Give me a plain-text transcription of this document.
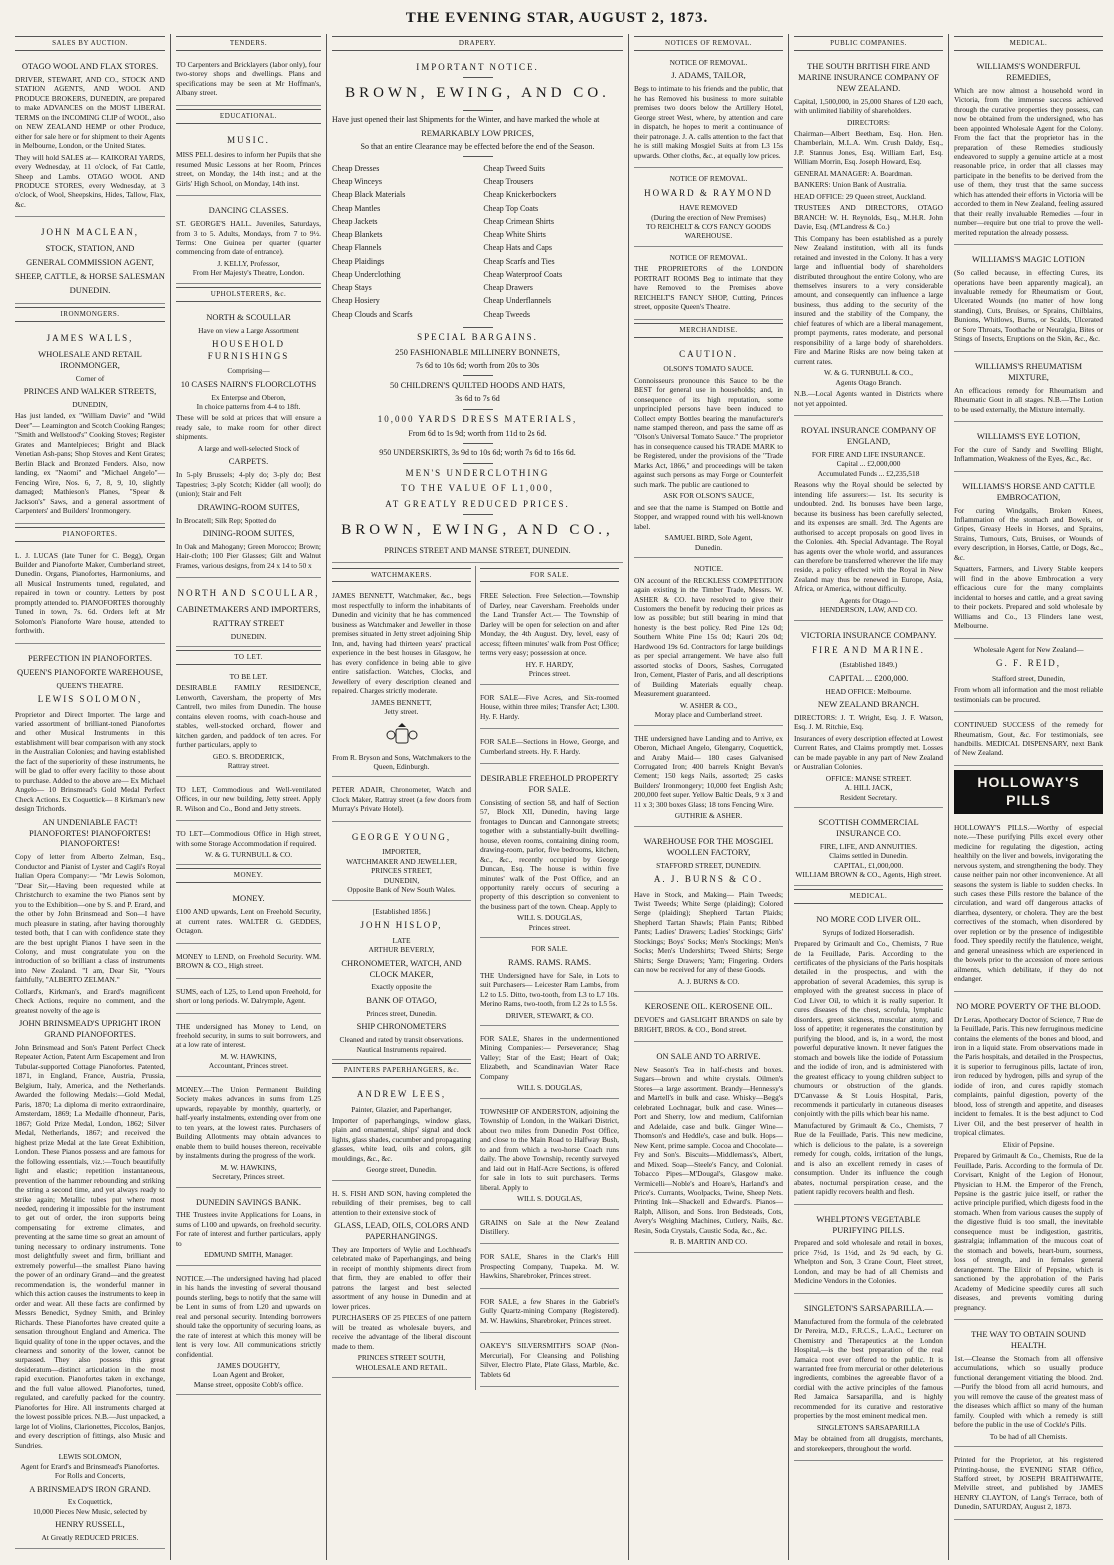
THE EVENING STAR, AUGUST 2, 1873.
SALES BY AUCTION.
OTAGO WOOL AND FLAX STORES.

DRIVER, STEWART, AND CO., STOCK AND STATION AGENTS, AND WOOL AND PRODUCE BROKERS, DUNEDIN, are prepared to make ADVANCES on the MOST LIBERAL TERMS on the INCOMING CLIP of WOOL, also on NEW ZEALAND HEMP or other Produce, either for sale here or for shipment to their Agents in Melbourne, London, or the United States.

They will hold SALES at— KAIKORAI YARDS, every Wednesday, at 11 o'clock, of Fat Cattle, Sheep and Lambs. OTAGO WOOL AND PRODUCE STORES, every Wednesday, at 3 o'clock, of Wool, Sheepskins, Hides, Tallow, Flax, &c.

JOHN MACLEAN,
STOCK, STATION, AND
GENERAL COMMISSION AGENT,
SHEEP, CATTLE, & HORSE SALESMAN
DUNEDIN.
IRONMONGERS.
JAMES WALLS,
WHOLESALE AND RETAIL IRONMONGER,
Corner of
PRINCES AND WALKER STREETS,
DUNEDIN,

Has just landed, ex "William Davie" and "Wild Deer"— Leamington and Scotch Cooking Ranges; "Smith and Wellstood's" Cooking Stoves; Register Grates and Mantelpieces; Bright and Black Venetian Ash-pans; Shop Stoves and Kent Grates; Berlin Black and Bronzed Fenders. Also, now landing, ex "Naomi" and "Michael Angelo"— Fencing Wire, Nos. 6, 7, 8, 9, 10, slightly damaged; Mathieson's Planes, "Spear & Jackson's" Saws, and a general assortment of Carpenters' and Builders' Ironmongery.

PIANOFORTES.

L. J. LUCAS (late Tuner for C. Begg), Organ Builder and Pianoforte Maker, Cumberland street, Dunedin. Organs, Pianofortes, Harmoniums, and all Musical Instruments tuned, regulated, and repaired in town or country. Letters by post promptly attended to. PIANOFORTES thoroughly Tuned in town, 7s. 6d. Orders left at Mr Solomon's Pianoforte Ware house, attended to forthwith.

PERFECTION IN PIANOFORTES.
QUEEN'S PIANOFORTE WAREHOUSE,
QUEEN'S THEATRE.
LEWIS SOLOMON,

Proprietor and Direct Importer. The large and varied assortment of brilliant-toned Pianofortes and other Musical Instruments in this establishment will bear comparison with any stock in the Australian Colonies; and having established the fact of the superiority of these instruments, he will be glad to offer every facility to those about to purchase. Added to the above are— Ex Michael Angelo— 10 Brinsmead's Gold Medal Perfect Check Actions. Ex Coquettick— 8 Kirkman's new design Trichords.

AN UNDENIABLE FACT! PIANOFORTES! PIANOFORTES! PIANOFORTES!

Copy of letter from Alberto Zelman, Esq., Conductor and Pianist of Lyster and Cagli's Royal Italian Opera Company:— "Mr Lewis Solomon, "Dear Sir,—Having been requested while at Christchurch to examine the two Pianos sent by you to the Exhibition—one by S. and P. Erard, and the other by John Brinsmead and Son—I have much pleasure in stating, after having thoroughly tested both, that I can with confidence state they are the best upright Pianos I have seen in the Colony, and must congratulate you on the introduction of so brilliant a class of instruments into New Zealand. "I am, Dear Sir, "Yours faithfully, "ALBERTO ZELMAN."

Collard's, Kirkman's, and Erard's magnificent Check Actions, require no comment, and the greatest novelty of the age is

JOHN BRINSMEAD'S UPRIGHT IRON GRAND PIANOFORTES.

John Brinsmead and Son's Patent Perfect Check Repeater Action, Patent Arm Escapement and Iron Tubular-supported Cottage Pianofortes. Patented, 1871, in England, France, Austria, Prussia, Belgium, Italy, America, and the Netherlands. Awarded the following Medals:—Gold Medal, Paris, 1870; La diploma di merito extraordinaire, Amsterdam, 1869; La Medaille d'honneur, Paris, 1867; Gold Prize Medal, London, 1862; Silver Medal, Netherlands, 1867; and received the highest prize Medal at the late Great Exhibition, London. These Pianos possess and are famous for the following essentials, viz.:—Touch beautifully light and elastic; repetition instantaneous, prevention of the hammer rebounding and striking the string a second time, and yet always ready to strike again; Metallic tubes put where most needed, rendering it impossible for the instrument to get out of order, the iron supports being compensating for extreme climates, and preventing at the same time so great an amount of tuning necessary to ordinary instruments. Tone most delightfully sweet and firm, brilliant and extremely powerful—the smallest Piano having the power of an ordinary Grand—and the greatest recommendation is, the wonderful manner in which this action causes the instruments to keep in order and wear. All these facts are confirmed by Messrs Benedict, Sydney Smith, and Brinley Richards. These Pianofortes have created quite a sensation throughout England and America. The liquid quality of tone in the upper octaves, and the clearness and sonority of the lower, cannot be surpassed. They also possess this great desideratum—distinct articulation in the most rapid execution. Pianofortes taken in exchange, and the full value allowed. Pianofortes, tuned, regulated, and carefully packed for the country. Pianofortes for Hire. All instruments charged at the lowest possible prices. N.B.—Just unpacked, a large lot of Violins, Clarionettes, Piccolos, Banjos, and every description of fittings, also Music and Sundries.

LEWIS SOLOMON,
Agent for Erard's and Brinsmead's Pianofortes.
For Rolls and Concerts,
A BRINSMEAD'S IRON GRAND.
Ex Coquettick,
10,000 Pieces New Music, selected by
HENRY RUSSELL,
At Greatly REDUCED PRICES.
TENDERS.

TO Carpenters and Bricklayers (labor only), four two-storey shops and dwellings. Plans and specifications may be seen at Mr Hoffman's, Albany street.

EDUCATIONAL.
MUSIC.

MISS PELL desires to inform her Pupils that she resumed Music Lessons at her Room, Princes street, on Monday, the 14th inst.; and at the Girls' High School, on Monday, 14th inst.

DANCING CLASSES.

ST. GEORGE'S HALL. Juveniles, Saturdays, from 3 to 5. Adults, Mondays, from 7 to 9½. Terms: One Guinea per quarter (quarter commencing from date of entrance).

J. KELLY, Professor,
From Her Majesty's Theatre, London.
UPHOLSTERERS, &c.
NORTH & SCOULLAR
Have on view a Large Assortment
HOUSEHOLD FURNISHINGS
Comprising—
10 CASES NAIRN'S FLOORCLOTHS
Ex Enterpse and Oberon,
In choice patterns from 4-4 to 18ft.

These will be sold at prices that will ensure a ready sale, to make room for other direct shipments.

A large and well-selected Stock of
CARPETS.

In 5-ply Brussels; 4-ply do; 3-ply do; Best Tapestries; 3-ply Scotch; Kidder (all wool); do (union); Stair and Felt

DRAWING-ROOM SUITES,

In Brocatell; Silk Rep; Spotted do

DINING-ROOM SUITES,

In Oak and Mahogany; Green Morocco; Brown; Hair-cloth; 100 Pier Glasses; Gilt and Walnut Frames, various designs, from 24 x 14 to 50 x

NORTH AND SCOULLAR,
CABINETMAKERS AND IMPORTERS,
RATTRAY STREET
DUNEDIN.
TO LET.
TO BE LET.

DESIRABLE FAMILY RESIDENCE, Lenworth, Caversham, the property of Mrs Cantrell, two miles from Dunedin. The house contains eleven rooms, with coach-house and stables, well-stocked orchard, flower and kitchen garden, and paddock of ten acres. For further particulars, apply to

GEO. S. BRODERICK,
Rattray street.

TO LET, Commodious and Well-ventilated Offices, in our new building, Jetty street. Apply R. Wilson and Co., Bond and Jetty streets.

TO LET—Commodious Office in High street, with some Storage Accommodation if required.

W. & G. TURNBULL & CO.
MONEY.
MONEY.

£100 AND upwards, Lent on Freehold Security, at current rates. WALTER G. GEDDES, Octagon.

MONEY to LEND, on Freehold Security. WM. BROWN & CO., High street.

SUMS, each of L25, to Lend upon Freehold, for short or long periods. W. Dalrymple, Agent.

THE undersigned has Money to Lend, on freehold security, in sums to suit borrowers, and at a low rate of interest.

M. W. HAWKINS,
Accountant, Princes street.

MONEY.—The Union Permanent Building Society makes advances in sums from L25 upwards, repayable by monthly, quarterly, or half-yearly instalments, extending over from one to ten years, at the lowest rates. Purchasers of Building Allotments may obtain advances to enable them to build houses thereon, receivable by instalments during the progress of the work.

M. W. HAWKINS,
Secretary, Princes street.
DUNEDIN SAVINGS BANK.

THE Trustees invite Applications for Loans, in sums of L100 and upwards, on freehold security. For rate of interest and further particulars, apply to

EDMUND SMITH, Manager.

NOTICE.—The undersigned having had placed in his hands the investing of several thousand pounds sterling, begs to notify that the same will be Lent in sums of from L20 and upwards on real and personal security. Intending borrowers should take the opportunity of securing loans, as the rate of interest at which this money will be lent is very low. All communications strictly confidential.

JAMES DOUGHTY,
Loan Agent and Broker,
Manse street, opposite Cobb's office.
DRAPERY.
IMPORTANT NOTICE.
BROWN, EWING, AND CO.

Have just opened their last Shipments for the Winter, and have marked the whole at

REMARKABLY LOW PRICES,
So that an entire Clearance may be effected before the end of the Season.
Cheap Dresses
Cheap Winceys
Cheap Black Materials
Cheap Mantles
Cheap Jackets
Cheap Blankets
Cheap Flannels
Cheap Plaidings
Cheap Underclothing
Cheap Stays
Cheap Hosiery
Cheap Clouds and Scarfs
Cheap Tweed Suits
Cheap Trousers
Cheap Knickerbockers
Cheap Top Coats
Cheap Crimean Shirts
Cheap White Shirts
Cheap Hats and Caps
Cheap Scarfs and Ties
Cheap Waterproof Coats
Cheap Drawers
Cheap Underflannels
Cheap Tweeds
SPECIAL BARGAINS.
250 FASHIONABLE MILLINERY BONNETS,
7s 6d to 10s 6d; worth from 20s to 30s
50 CHILDREN'S QUILTED HOODS AND HATS,
3s 6d to 7s 6d
10,000 YARDS DRESS MATERIALS,
From 6d to 1s 9d; worth from 11d to 2s 6d.
950 UNDERSKIRTS, 3s 9d to 10s 6d; worth 7s 6d to 16s 6d.
MEN'S UNDERCLOTHING
TO THE VALUE OF L1,000,
AT GREATLY REDUCED PRICES.
BROWN, EWING, AND CO.,
PRINCES STREET AND MANSE STREET, DUNEDIN.
WATCHMAKERS.

JAMES BENNETT, Watchmaker, &c., begs most respectfully to inform the inhabitants of Dunedin and vicinity that he has commenced business as Watchmaker and Jeweller in those premises situated in Jetty street adjoining Ship Inn, and, having had thirteen years' practical experience in the best houses in Glasgow, he has every confidence in being able to give entire satisfaction. Watches, Clocks, and Jewellery of every description cleaned and repaired. Charges strictly moderate.

JAMES BENNETT,
Jetty street.
From R. Bryson and Sons, Watchmakers to the Queen, Edinburgh.

PETER ADAIR, Chronometer, Watch and Clock Maker, Rattray street (a few doors from Murray's Private Hotel).

GEORGE YOUNG,
IMPORTER,
WATCHMAKER AND JEWELLER,
PRINCES STREET,
DUNEDIN,
Opposite Bank of New South Wales.
[Established 1856.]
JOHN HISLOP,
LATE
ARTHUR BEVERLY,
CHRONOMETER, WATCH, AND CLOCK MAKER,
Exactly opposite the
BANK OF OTAGO,
Princes street, Dunedin.
SHIP CHRONOMETERS
Cleaned and rated by transit observations. Nautical Instruments repaired.
PAINTERS PAPERHANGERS, &c.
ANDREW LEES,
Painter, Glazier, and Paperhanger,

Importer of paperhangings, window glass, plain and ornamental, ships' signal and dock lights, glass shades, cucumber and propagating glasses, white lead, oils and colors, gilt mouldings, &c., &c.

George street, Dunedin.

H. S. FISH AND SON, having completed the rebuilding of their premises, beg to call attention to their extensive stock of

GLASS, LEAD, OILS, COLORS AND PAPERHANGINGS.

They are Importers of Wylie and Lochhead's celebrated make of Paperhangings, and being in receipt of monthly shipments direct from that firm, they are enabled to offer their patrons the largest and best selected assortment of any house in Dunedin and at lower prices.

PURCHASERS OF 25 PIECES of one pattern will be treated as wholesale buyers, and receive the advantage of the liberal discount made to them.

PRINCES STREET SOUTH,
WHOLESALE AND RETAIL.
FOR SALE.

FREE Selection. Free Selection.—Township of Darley, near Caversham. Freeholds under the Land Transfer Act.— The Township of Darley will be open for selection on and after Monday, the 4th August. Dry, level, easy of access; fifteen minutes' walk from Post Office; terms very easy; possession at once.

HY. F. HARDY,
Princes street.

FOR SALE—Five Acres, and Six-roomed House, within three miles; Transfer Act; L300. Hy. F. Hardy.

FOR SALE—Sections in Howe, George, and Cumberland streets. Hy. F. Hardy.

DESIRABLE FREEHOLD PROPERTY FOR SALE.

Consisting of section 58, and half of Section 57, Block XII, Dunedin, having large frontages to Duncan and Cannongate streets; together with a substantially-built dwelling-house, eleven rooms, containing dining room, drawing-room, parlor, five bedrooms, kitchen, &c., &c., recently occupied by George Duncan, Esq. The house is within five minutes' walk of the Post Office, and an opportunity rarely occurs of securing a property of this description so convenient to the business part of the town. Cheap. Apply to

WILL S. DOUGLAS,
Princes street.
FOR SALE.
RAMS. RAMS. RAMS.

THE Undersigned have for Sale, in Lots to suit Purchasers— Leicester Ram Lambs, from L2 to L5. Ditto, two-tooth, from L3 to L7 10s. Merino Rams, two-tooth, from L2 2s to L5 5s.

DRIVER, STEWART, & CO.

FOR SALE, Shares in the undermentioned Mining Companies:— Perseverance; Shag Valley; Star of the East; Heart of Oak; Elizabeth, and Scandinavian Water Race Company

WILL S. DOUGLAS,

TOWNSHIP OF ANDERSTON, adjoining the Township of London, in the Waikari District, about two miles from Dunedin Post Office, and close to the Main Road to Halfway Bush, to and from which a two-horse Coach runs daily. The above Township, recently surveyed and laid out in Half-Acre Sections, is offered for sale in lots to suit purchasers. Terms liberal. Apply to

WILL S. DOUGLAS,

GRAINS on Sale at the New Zealand Distillery.

FOR SALE, Shares in the Clark's Hill Prospecting Company, Tuapeka. M. W. Hawkins, Sharebroker, Princes street.

FOR SALE, a few Shares in the Gabriel's Gully Quartz-mining Company (Registered). M. W. Hawkins, Sharebroker, Princes street.

OAKEY'S SILVERSMITH'S SOAP (Non-Mercurial), For Cleansing and Polishing Silver, Electro Plate, Plate Glass, Marble, &c. Tablets 6d

NOTICES OF REMOVAL.
NOTICE OF REMOVAL.
J. ADAMS, TAILOR,

Begs to intimate to his friends and the public, that he has Removed his business to more suitable premises two doors below the Artillery Hotel, George street West, where, by attention and care in dispatch, he hopes to merit a continuance of their patronage. J. A. calls attention to the fact that he is still making Mosgiel Suits at from L3 15s upwards. Other cloths, &c., at equally low prices.

NOTICE OF REMOVAL.
HOWARD & RAYMOND
HAVE REMOVED
(During the erection of New Premises)
TO REICHELT & CO'S FANCY GOODS WAREHOUSE.
NOTICE OF REMOVAL.

THE PROPRIETORS of the LONDON PORTRAIT ROOMS Beg to intimate that they have Removed to the Premises above REICHELT'S FANCY SHOP, Cutting, Princes street, opposite Queen's Theatre.

MERCHANDISE.
CAUTION.
OLSON'S TOMATO SAUCE.

Connoisseurs pronounce this Sauce to be the BEST for general use in households; and, in consequence of its high reputation, some unprincipled persons have been induced to Collect empty Bottles bearing the manufacturer's name stamped thereon, and pass the same off as "Olson's Universal Tomato Sauce." The proprietor has in consequence caused his TRADE MARK to be Registered, under the provisions of the "Trade Marks Act, 1866," and proceedings will be taken against such persons as may Forge or Counterfeit such mark. The public are cautioned to

ASK FOR OLSON'S SAUCE,

and see that the name is Stamped on Bottle and Stopper, and wrapped round with his well-known label.

SAMUEL BIRD, Sole Agent,
Dunedin.
NOTICE.

ON account of the RECKLESS COMPETITION again existing in the Timber Trade, Messrs. W. ASHER & CO. have resolved to give their Customers the benefit by reducing their prices as low as possible; but still bearing in mind that honesty is the best policy. Red Pine 12s 0d; Southern White Pine 15s 0d; Kauri 20s 0d; Hardwood 19s 6d. Contractors for large buildings as per special arrangement. We have also full assorted stocks of Doors, Sashes, Corrugated Iron, Cement, Plaster of Paris, and all descriptions of Building Materials equally cheap. Measurement guaranteed.

W. ASHER & CO.,
Moray place and Cumberland street.

THE undersigned have Landing and to Arrive, ex Oberon, Michael Angelo, Glengarry, Coquettick, and Araby Maid— 180 cases Galvanised Corrugated Iron; 400 barrels Knight Bevan's Cement; 150 kegs Nails, assorted; 25 casks Builders' Ironmongery; 10,000 feet English Ash; 200,000 feet super. Yellow Baltic Deals, 9 x 3 and 11 x 3; 300 boxes Glass; 18 tons Fencing Wire.

GUTHRIE & ASHER.
WAREHOUSE FOR THE MOSGIEL WOOLLEN FACTORY,
STAFFORD STREET, DUNEDIN.
A. J. BURNS & CO.

Have in Stock, and Making— Plain Tweeds; Twist Tweeds; White Serge (plaiding); Colored Serge (plaiding); Shepherd Tartan Plaids; Shepherd Tartan Shawls; Plain Pants; Ribbed Pants; Ladies' Drawers; Ladies' Stockings; Girls' Stockings; Boys' Socks; Men's Stockings; Men's Socks; Men's Undershirts; Tweed Shirts; Serge Shirts; Serge Drawers; Yarn; Fingering. Orders can now be received for any of these Goods.

A. J. BURNS & CO.
KEROSENE OIL. KEROSENE OIL.

DEVOE'S and GASLIGHT BRANDS on sale by BRIGHT, BROS. & CO., Bond street.

ON SALE AND TO ARRIVE.

New Season's Tea in half-chests and boxes. Sugars—brown and white crystals. Oilmen's Stores—a large assortment. Brandy—Hennessy's and Martell's in bulk and case. Whisky—Begg's celebrated Lochnagar, bulk and case. Wines—Port and Sherry, low and medium, Californian and Adelaide, case and bulk. Ginger Wine—Thomson's and Heddle's, case and bulk. Hops—New Kent, prime sample. Cocoa and Chocolate—Fry and Son's. Biscuits—Middlemass's, Albert, and Mixed. Soap—Steele's Fancy, and Colonial. Tobacco Pipes—M'Dougal's, Glasgow make. Vermicelli—Noble's and Hoare's, Harland's and Price's. Currants, Woolpacks, Twine, Sheep Nets. Printing Ink—Shackell and Edward's. Pianos—Ralph, Allison, and Sons. Iron Bedsteads, Cots, Avery's Weighing Machines, Cutlery, Nails, &c. Resin, Soda Crystals, Caustic Soda, &c., &c.

R. B. MARTIN AND CO.
PUBLIC COMPANIES.
THE SOUTH BRITISH FIRE AND MARINE INSURANCE COMPANY OF NEW ZEALAND.

Capital, 1,500,000, in 25,000 Shares of L20 each, with unlimited liability of shareholders.

DIRECTORS:

Chairman—Albert Beetham, Esq. Hon. Hen. Chamberlain, M.L.A. Wm. Crush Daldy, Esq., J.P. Stannus Jones, Esq. William Earl, Esq. William Morrin, Esq. Joseph Howard, Esq.

GENERAL MANAGER: A. Boardman.

BANKERS: Union Bank of Australia.

HEAD OFFICE: 29 Queen street, Auckland.

TRUSTEES AND DIRECTORS, OTAGO BRANCH: W. H. Reynolds, Esq., M.H.R. John Davie, Esq. (M'Landress & Co.)

This Company has been established as a purely New Zealand institution, with all its funds retained and invested in the Colony. It has a very large and influential body of shareholders distributed throughout the entire Colony, who are themselves insurers to a very considerable amount, and consequently can influence a large business, thus adding to the security of the insured and the stability of the Company, the chief features of which are a liberal management, prompt payments, rates moderate, and personal responsibility of a large body of shareholders. Fire and Marine Risks are now being taken at current rates.

W. & G. TURNBULL & CO.,
Agents Otago Branch.

N.B.—Local Agents wanted in Districts where not yet appointed.

ROYAL INSURANCE COMPANY OF ENGLAND,
FOR FIRE AND LIFE INSURANCE.
Capital ... £2,000,000
Accumulated Funds ... £2,235,518

Reasons why the Royal should be selected by intending life assurers:— 1st. Its security is undoubted. 2nd. Its bonuses have been large, because its business has been carefully selected, and its expenses are small. 3rd. The Agents are authorised to accept proposals on good lives in the Colonies. 4th. Special Advantage. The Royal has agents over the whole world, and assurances can therefore be transferred wherever the life may reside, a policy effected with the Royal in New Zealand may thus be renewed in Europe, Asia, Africa, or America, without difficulty.

Agents for Otago—
HENDERSON, LAW, AND CO.
VICTORIA INSURANCE COMPANY.
FIRE AND MARINE.
(Established 1849.)
CAPITAL ... £200,000.
HEAD OFFICE: Melbourne.
NEW ZEALAND BRANCH.

DIRECTORS: J. T. Wright, Esq. J. F. Watson, Esq. J. M. Ritchie, Esq.

Insurances of every description effected at Lowest Current Rates, and Claims promptly met. Losses can be made payable in any part of New Zealand or Australian Colonies.

OFFICE: MANSE STREET.
A. HILL JACK,
Resident Secretary.
SCOTTISH COMMERCIAL INSURANCE CO.
FIRE, LIFE, AND ANNUITIES.
Claims settled in Dunedin.
CAPITAL, £1,000,000.
WILLIAM BROWN & CO., Agents, High street.
MEDICAL.
NO MORE COD LIVER OIL.
Syrups of Iodized Horseradish.

Prepared by Grimault and Co., Chemists, 7 Rue de la Feuillade, Paris. According to the certificates of the physicians of the Paris hospitals detailed in the prospectus, and with the approbation of several Academies, this syrup is employed with the greatest success in place of Cod Liver Oil, to which it is really superior. It cures diseases of the chest, scrofula, lymphatic disorders, green sickness, muscular atony, and loss of appetite; it regenerates the constitution by purifying the blood, and is, in a word, the most powerful depurative known. It never fatigues the stomach and bowels like the iodide of Potassium and the iodide of iron, and is administered with the greatest efficacy to young children subject to chumours or obstruction of the glands. D'Canvasse & St Louis Hospital, Paris, recommends it particularly in cutaneous diseases conjointly with the pills which bear his name.

Manufactured by Grimault & Co., Chemists, 7 Rue de la Feuillade, Paris. This new medicine, which is delicious to the palate, is a sovereign remedy for cough, colds, irritation of the lungs, and is also an excellent remedy in cases of consumption. Under its influence the cough abates, nocturnal perspiration cease, and the patient rapidly recovers health and flesh.

WHELPTON'S VEGETABLE PURIFYING PILLS.

Prepared and sold wholesale and retail in boxes, price 7½d, 1s 1½d, and 2s 9d each, by G. Whelpton and Son, 3 Crane Court, Fleet street, London, and may be had of all Chemists and Medicine Vendors in the Colonies.

SINGLETON'S SARSAPARILLA.—

Manufactured from the formula of the celebrated Dr Pereira, M.D., F.R.C.S., L.A.C., Lecturer on Chemistry and Therapeutics at the London Hospital,—is the best preparation of the real Jamaica root ever offered to the public. It is warranted free from mercurial or other deleterious ingredients, combines the agreeable flavor of a cordial with the active principles of the famous Red Jamaica Sarsaparilla, and is highly recommended for its curative and restorative properties by the most eminent medical men.

SINGLETON'S SARSAPARILLA

May be obtained from all druggists, merchants, and storekeepers, throughout the world.

MEDICAL.
WILLIAMS'S WONDERFUL REMEDIES,

Which are now almost a household word in Victoria, from the immense success achieved through the curative properties they possess, can now be obtained from the undersigned, who has been appointed Wholesale Agent for the Colony. From the fact that the proprietor has in the preparation of these Remedies studiously endeavored to supply a genuine article at a most reasonable price, in order that all classes may participate in the benefits to be derived from the use of them, they trust that the same success which has attended their efforts in Victoria will be accorded to them in New Zealand, feeling assured that their really invaluable Remedies —four in number—require but one trial to prove the well-merited reputation the already possess.

WILLIAMS'S MAGIC LOTION

(So called because, in effecting Cures, its operations have been apparently magical), an invaluable remedy for Rheumatism or Gout, Ulcerated Wounds (no matter of how long standing), Cuts, Bruises, or Sprains, Chilblains, Bunions, Whitlows, Burns, or Scalds, Ulcerated or Sore Throats, Toothache or Neuralgia, Bites or Stings of Insects, Eruptions on the Skin, &c., &c.

WILLIAMS'S RHEUMATISM MIXTURE,

An efficacious remedy for Rheumatism and Rheumatic Gout in all stages. N.B.—The Lotion to be used externally, the Mixture internally.

WILLIAMS'S EYE LOTION,

For the cure of Sandy and Swelling Blight, Inflammation, Weakness of the Eyes, &c., &c.

WILLIAMS'S HORSE AND CATTLE EMBROCATION,

For curing Windgalls, Broken Knees, Inflammation of the stomach and Bowels, or Gripes, Greasy Heels in Horses, and Sprains, Strains, Tumours, Cuts, Bruises, or Wounds of every description, in Horses, Cattle, or Dogs, &c., &c.

Squatters, Farmers, and Livery Stable keepers will find in the above Embrocation a very efficacious cure for the many complaints incidental to horses and cattle, and a great saving to their pockets. Prepared and sold wholesale by Williams and Co., 13 Flinders lane west, Melbourne.

Wholesale Agent for New Zealand—
G. F. REID,
Stafford street, Dunedin,

From whom all information and the most reliable testimonials can be procured.

CONTINUED SUCCESS of the remedy for Rheumatism, Gout, &c. For testimonials, see handbills. MEDICAL DISPENSARY, next Bank of New Zealand.

HOLLOWAY'S PILLS

HOLLOWAY'S PILLS.—Worthy of especial note.—These purifying Pills excel every other medicine for regulating the digestion, acting healthily on the liver and bowels, invigorating the nervous system, and strengthening the body. They cause neither pain nor other inconvenience. At all seasons the system is liable to sudden checks. In such cases these Pills restore the balance of the circulation, and ward off dangerous attacks of diarrhea, dysentery, or cholera. They are the best correctives of the stomach, when disordered by over repletion or by the presence of indigestible food. They speedily rectify the flatulence, weight, and general uneasiness which are experienced in the bowels prior to the accession of more serious ailments, which debilitate, if they do not endanger.

NO MORE POVERTY OF THE BLOOD.

Dr Leras, Apothecary Doctor of Science, 7 Rue de la Feuillade, Paris. This new ferruginous medicine contains the elements of the bones and blood, and iron in a liquid state. From observations made in the Paris hospitals, and detailed in the Prospectus, it is superior to ferruginous pills, lactate of iron, iron reduced by hydrogen, pills and syrup of the iodide of iron, and cures rapidly stomach complaints, painful digestion, poverty of the blood, loss of strength and appetite, and diseases incident to females. It is the best adjunct to Cod Liver Oil, and the best preserver of health in tropical climates.

Elixir of Pepsine.

Prepared by Grimault & Co., Chemists, Rue de la Feuillade, Paris. According to the formula of Dr. Corvisart, Knight of the Legion of Honour, Physician to H.M. the Emperor of the French, Pepsine is the gastric juice itself, or rather the active principle purified, which digests food in the stomach. When from various causes the supply of the digestive fluid is too small, the inevitable consequence must be indigestion, gastritis, gastralgia; inflammation of the mucous coat of the stomach and bowels, heart-burn, sourness, loss of strength, and in females general derangement. The Elixir of Pepsine, which is sanctioned by the approbation of the Paris Academy of Medicine speedily cures all such diseases, and prevents vomiting during pregnancy.

THE WAY TO OBTAIN SOUND HEALTH.

1st.—Cleanse the Stomach from all offensive accumulations, which so usually produce functional derangement vitiating the blood. 2nd.—Purify the blood from all acrid humours, and you will remove the cause of the greatest mass of the diseases which afflict so many of the human family. Coupled with which a remedy is still before the public in the use of Cockle's Pills.

To be had of all Chemists.

Printed for the Proprietor, at his registered Printing-house, the EVENING STAR Office, Stafford street, by JOSEPH BRAITHWAITE, Melville street, and published by JAMES HENRY CLAYTON, of Lang's Terrace, both of Dunedin, SATURDAY, August 2, 1873.
